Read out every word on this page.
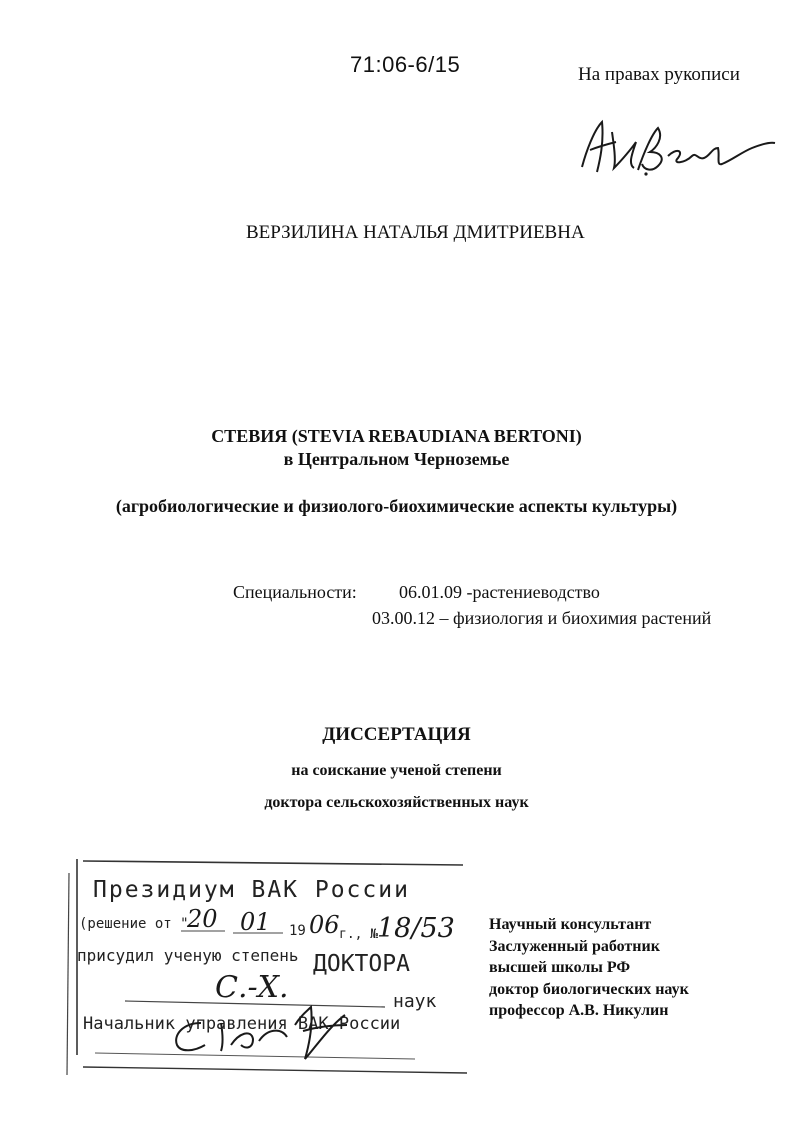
71:06-6/15	На правах рукописи
ВЕРЗИЛИНА НАТАЛЬЯ ДМИТРИЕВНА
СТЕВИЯ (STEVIA REBAUDIANA BERTONI)
в Центральном Черноземье
(агробиологические и физиолого-биохимические аспекты культуры)
Специальности: 06.01.09 -растениеводство
03.00.12 – физиология и биохимия растений
ДИССЕРТАЦИЯ
на соискание ученой степени
доктора сельскохозяйственных наук
Научный консультант
Заслуженный работник
высшей школы РФ
доктор биологических наук
профессор А.В. Никулин
Президиум ВАК России
(решение от "
20 01 19 06 г., №
18/53
присудил ученую степень ДОКТОРА
С.-Х.	наук
Начальник управления ВАК России
